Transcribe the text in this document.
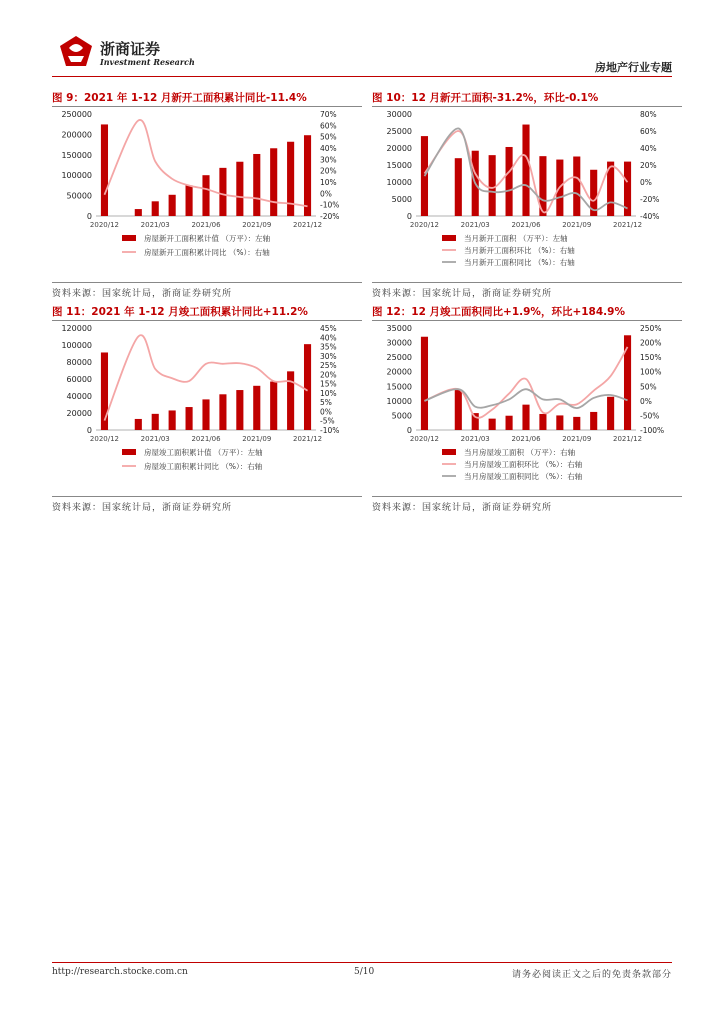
浙商证券
Investment Research	房地产行业专题
图 9：2021 年 1-12 月新开工面积累计同比-11.4%
0
50000
100000
150000
200000
250000
-20%
-10%
0%
10%
20%
30%
40%
50%
60%
70%
2020/12	2021/03	2021/06	2021/09	2021/12
房屋新开工面积累计值 （万平）：左轴
房屋新开工面积累计同比 （%）：右轴
资料来源：国家统计局，浙商证券研究所
图 10：12 月新开工面积-31.2%，环比-0.1%
0
5000
10000
15000
20000
25000
30000
-40%
-20%
0%
20%
40%
60%
80%
2020/12	2021/03	2021/06	2021/09	2021/12
当月新开工面积 （万平）：左轴
当月新开工面积环比 （%）：右轴
当月新开工面积同比 （%）：右轴
资料来源：国家统计局，浙商证券研究所
图 11：2021 年 1-12 月竣工面积累计同比+11.2%
0
20000
40000
60000
80000
100000
120000
-10%
-5%
0%
5%
10%
15%
20%
25%
30%
35%
40%
45%
2020/12	2021/03	2021/06	2021/09	2021/12
房屋竣工面积累计值 （万平）：左轴
房屋竣工面积累计同比 （%）：右轴
资料来源：国家统计局，浙商证券研究所
图 12：12 月竣工面积同比+1.9%，环比+184.9%
0
5000
10000
15000
20000
25000
30000
35000
-100%
-50%
0%
50%
100%
150%
200%
250%
2020/12	2021/03	2021/06	2021/09	2021/12
当月房屋竣工面积 （万平）：右轴
当月房屋竣工面积环比 （%）：右轴
当月房屋竣工面积同比 （%）：右轴
资料来源：国家统计局，浙商证券研究所
http://research.stocke.com.cn	5/10	请务必阅读正文之后的免责条款部分
